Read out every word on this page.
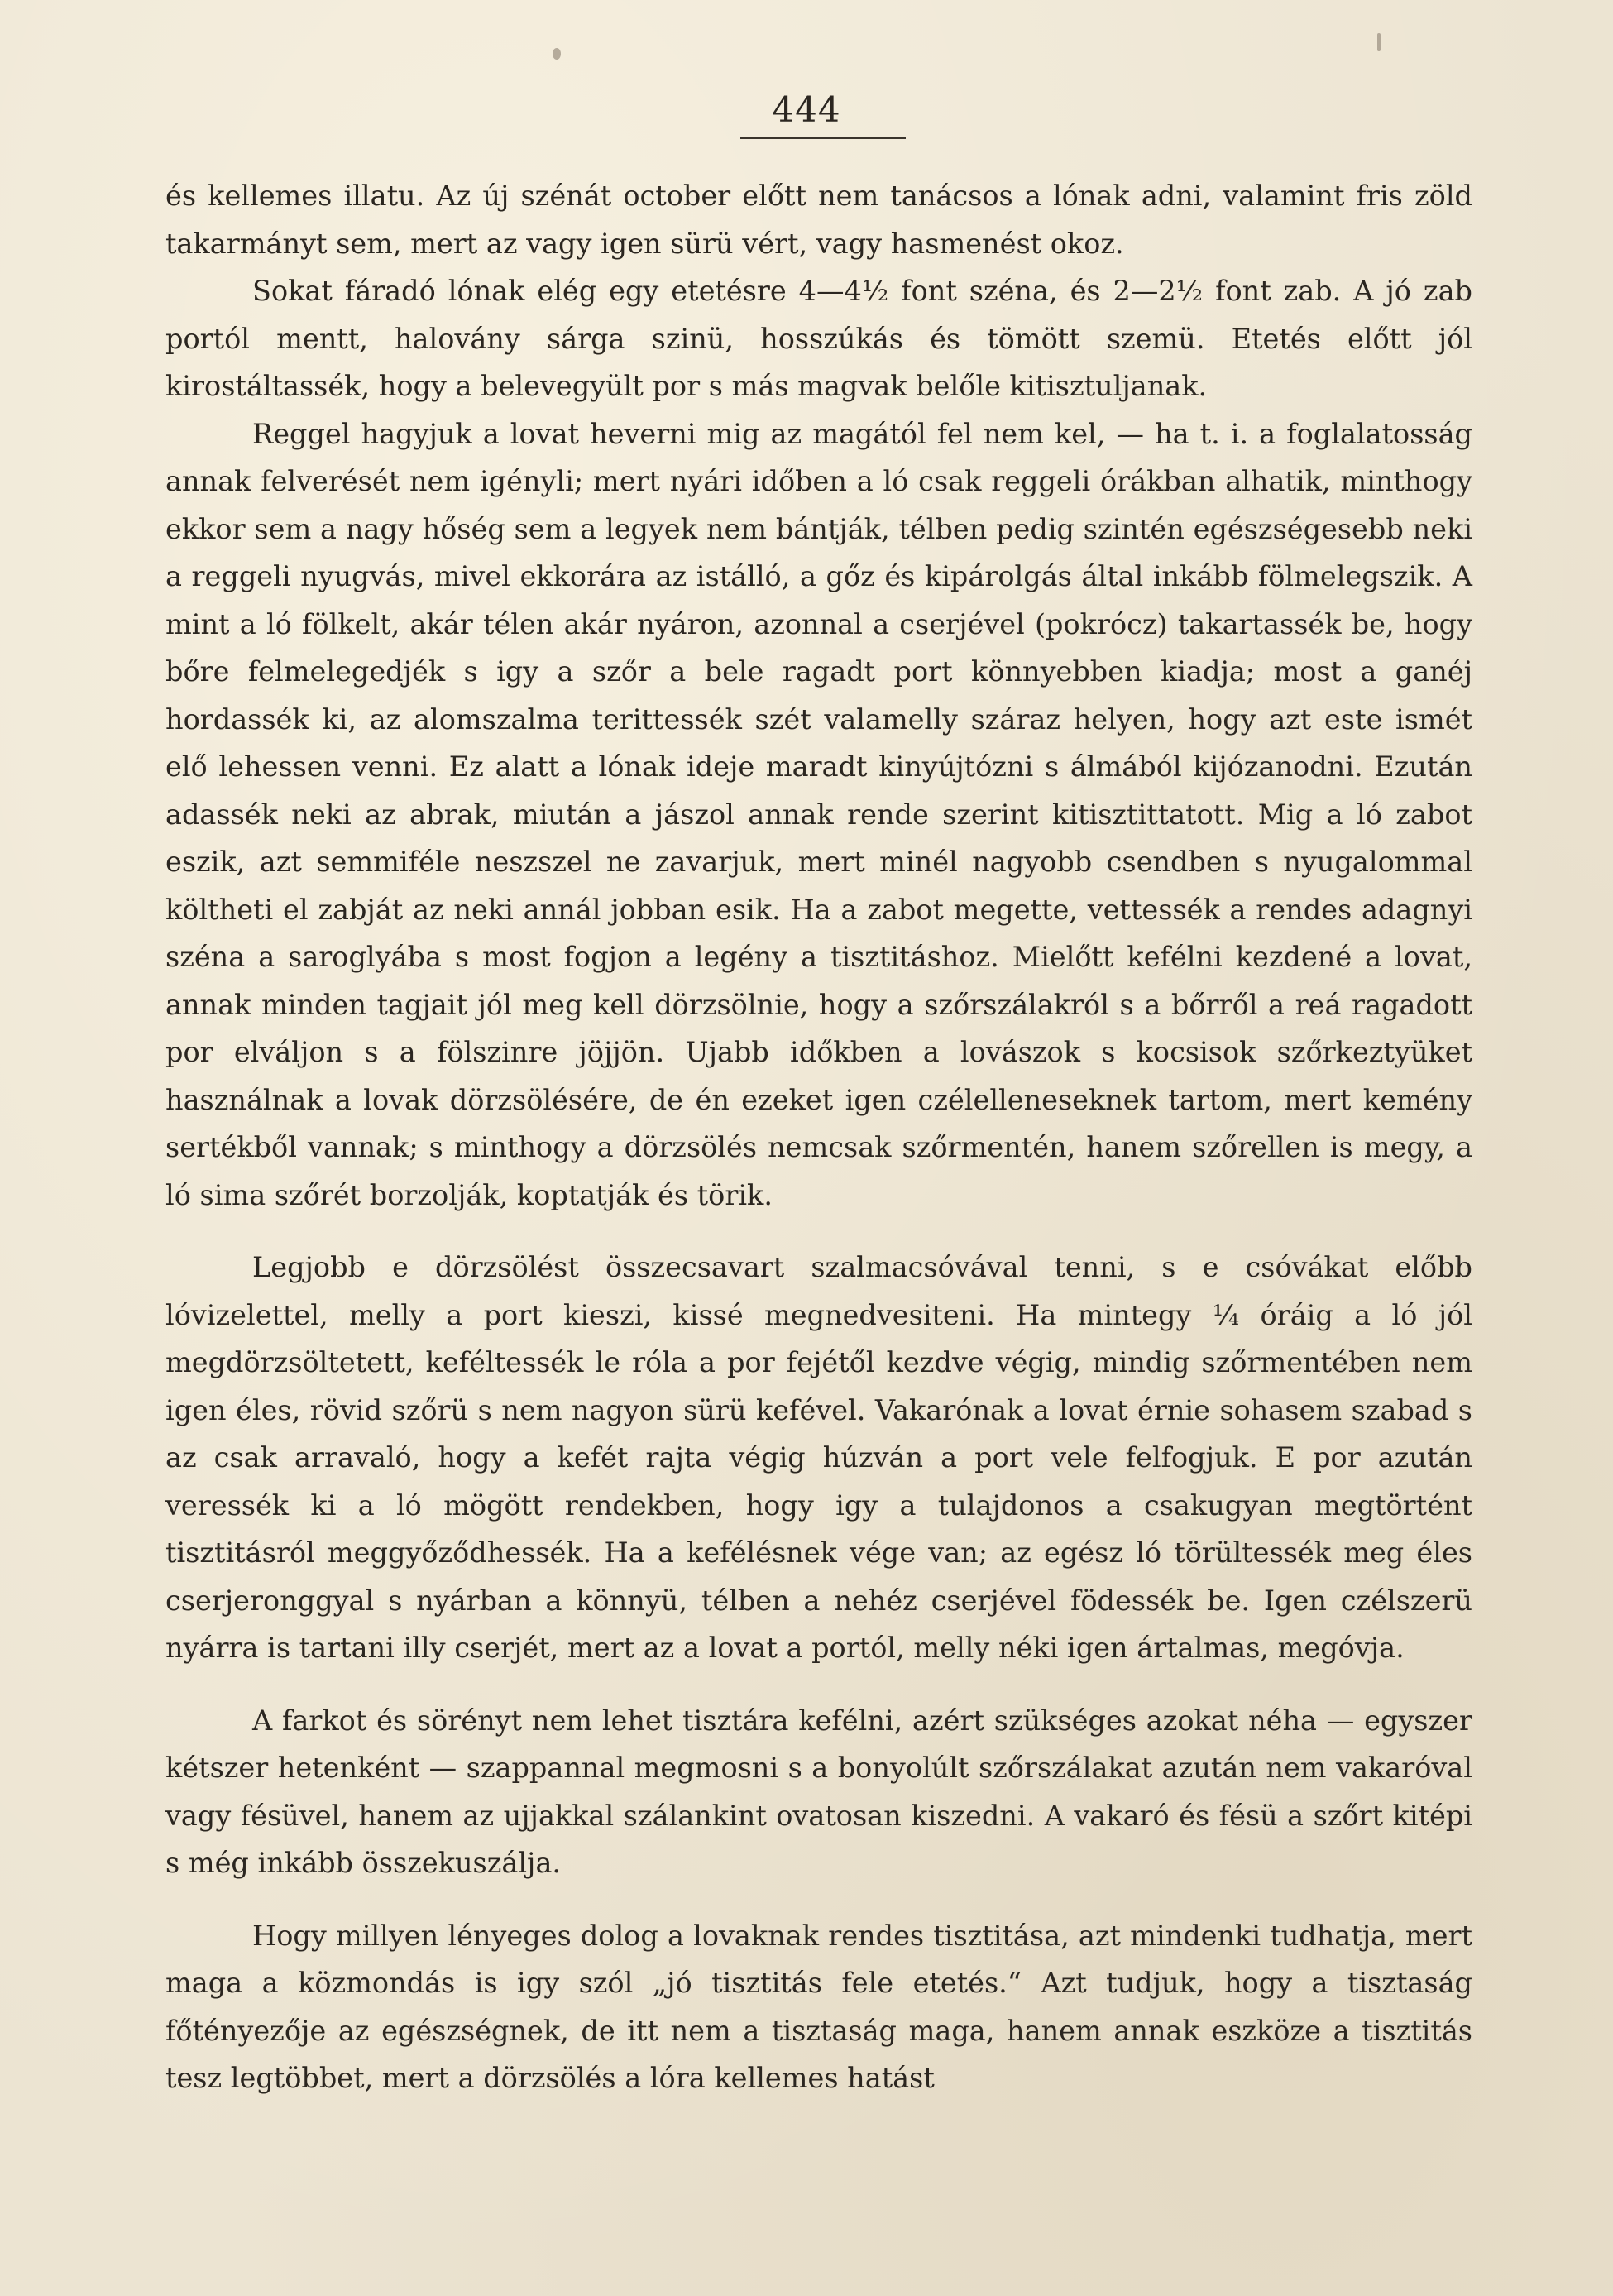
444

és kellemes illatu. Az új szénát october előtt nem tanácsos a lónak adni, valamint fris zöld takarmányt sem, mert az vagy igen sürü vért, vagy hasmenést okoz.

Sokat fáradó lónak elég egy etetésre 4—4½ font széna, és 2—2½ font zab. A jó zab portól mentt, halovány sárga szinü, hosszúkás és tömött szemü. Etetés előtt jól kirostáltassék, hogy a belevegyült por s más magvak belőle kitisztuljanak.

Reggel hagyjuk a lovat heverni mig az magától fel nem kel, — ha t. i. a foglalatosság annak felverését nem igényli; mert nyári időben a ló csak reggeli órákban alhatik, minthogy ekkor sem a nagy hőség sem a legyek nem bántják, télben pedig szintén egészségesebb neki a reggeli nyugvás, mivel ekkorára az istálló, a gőz és kipárolgás által inkább fölmelegszik. A mint a ló fölkelt, akár télen akár nyáron, azonnal a cserjével (pokrócz) takartassék be, hogy bőre felmelegedjék s igy a szőr a bele ragadt port könnyebben kiadja; most a ganéj hordassék ki, az alomszalma terittessék szét valamelly száraz helyen, hogy azt este ismét elő lehessen venni. Ez alatt a lónak ideje maradt kinyújtózni s álmából kijózanodni. Ezután adassék neki az abrak, miután a jászol annak rende szerint kitisztittatott. Mig a ló zabot eszik, azt semmiféle neszszel ne zavarjuk, mert minél nagyobb csendben s nyugalommal költheti el zabját az neki annál jobban esik. Ha a zabot megette, vettessék a rendes adagnyi széna a saroglyába s most fogjon a legény a tisztitáshoz. Mielőtt kefélni kezdené a lovat, annak minden tagjait jól meg kell dörzsölnie, hogy a szőrszálakról s a bőrről a reá ragadott por elváljon s a fölszinre jöjjön. Ujabb időkben a lovászok s kocsisok szőrkeztyüket használnak a lovak dörzsölésére, de én ezeket igen czélelleneseknek tartom, mert kemény sertékből vannak; s minthogy a dörzsölés nemcsak szőrmentén, hanem szőrellen is megy, a ló sima szőrét borzolják, koptatják és törik.

Legjobb e dörzsölést összecsavart szalmacsóvával tenni, s e csóvákat előbb lóvizelettel, melly a port kieszi, kissé megnedvesiteni. Ha mintegy ¼ óráig a ló jól megdörzsöltetett, keféltessék le róla a por fejétől kezdve végig, mindig szőrmentében nem igen éles, rövid szőrü s nem nagyon sürü kefével. Vakarónak a lovat érnie sohasem szabad s az csak arravaló, hogy a kefét rajta végig húzván a port vele felfogjuk. E por azután veressék ki a ló mögött rendekben, hogy igy a tulajdonos a csakugyan megtörtént tisztitásról meggyőződhessék. Ha a kefélésnek vége van; az egész ló törültessék meg éles cserjeronggyal s nyárban a könnyü, télben a nehéz cserjével födessék be. Igen czélszerü nyárra is tartani illy cserjét, mert az a lovat a portól, melly néki igen ártalmas, megóvja.

A farkot és sörényt nem lehet tisztára kefélni, azért szükséges azokat néha — egyszer kétszer hetenként — szappannal megmosni s a bonyolúlt szőrszálakat azután nem vakaróval vagy fésüvel, hanem az ujjakkal szálankint ovatosan kiszedni. A vakaró és fésü a szőrt kitépi s még inkább összekuszálja.

Hogy millyen lényeges dolog a lovaknak rendes tisztitása, azt mindenki tudhatja, mert maga a közmondás is igy szól „jó tisztitás fele etetés.“ Azt tudjuk, hogy a tisztaság főtényezője az egészségnek, de itt nem a tisztaság maga, hanem annak eszköze a tisztitás tesz legtöbbet, mert a dörzsölés a lóra kellemes hatást
